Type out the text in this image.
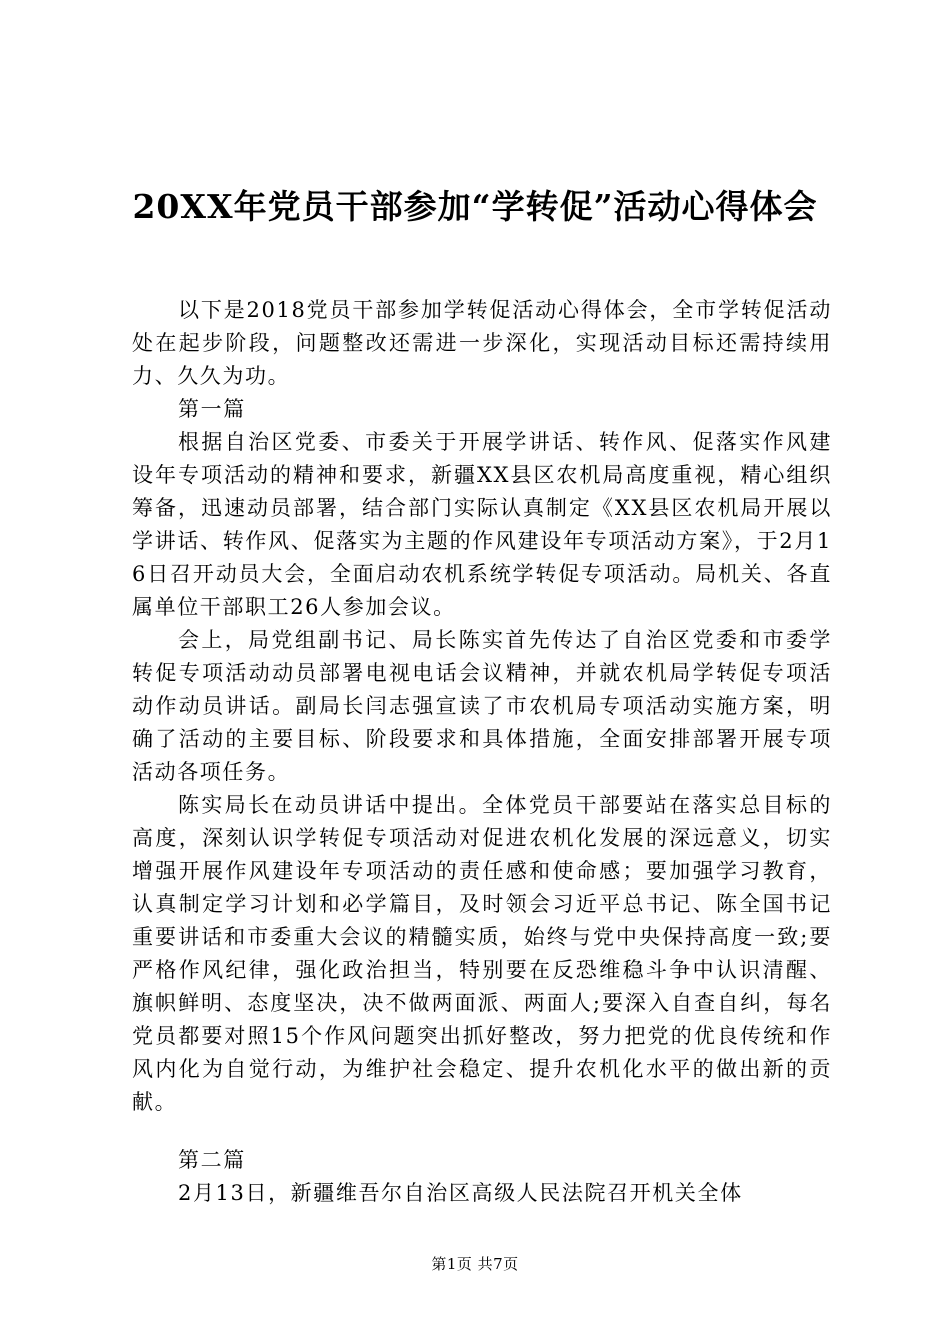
20XX年党员干部参加“学转促”活动心得体会

以下是2018党员干部参加学转促活动心得体会，全市学转促活动处在起步阶段，问题整改还需进一步深化，实现活动目标还需持续用力、久久为功。

第一篇

根据自治区党委、市委关于开展学讲话、转作风、促落实作风建设年专项活动的精神和要求，新疆XX县区农机局高度重视，精心组织筹备，迅速动员部署，结合部门实际认真制定《XX县区农机局开展以学讲话、转作风、促落实为主题的作风建设年专项活动方案》，于2月16日召开动员大会，全面启动农机系统学转促专项活动。局机关、各直属单位干部职工26人参加会议。

会上，局党组副书记、局长陈实首先传达了自治区党委和市委学转促专项活动动员部署电视电话会议精神，并就农机局学转促专项活动作动员讲话。副局长闫志强宣读了市农机局专项活动实施方案，明确了活动的主要目标、阶段要求和具体措施，全面安排部署开展专项活动各项任务。

陈实局长在动员讲话中提出。全体党员干部要站在落实总目标的高度，深刻认识学转促专项活动对促进农机化发展的深远意义，切实增强开展作风建设年专项活动的责任感和使命感；要加强学习教育，认真制定学习计划和必学篇目，及时领会习近平总书记、陈全国书记重要讲话和市委重大会议的精髓实质，始终与党中央保持高度一致;要严格作风纪律，强化政治担当，特别要在反恐维稳斗争中认识清醒、旗帜鲜明、态度坚决，决不做两面派、两面人;要深入自查自纠，每名党员都要对照15个作风问题突出抓好整改，努力把党的优良传统和作风内化为自觉行动，为维护社会稳定、提升农机化水平的做出新的贡献。

第二篇

2月13日，新疆维吾尔自治区高级人民法院召开机关全体

第1页 共7页
